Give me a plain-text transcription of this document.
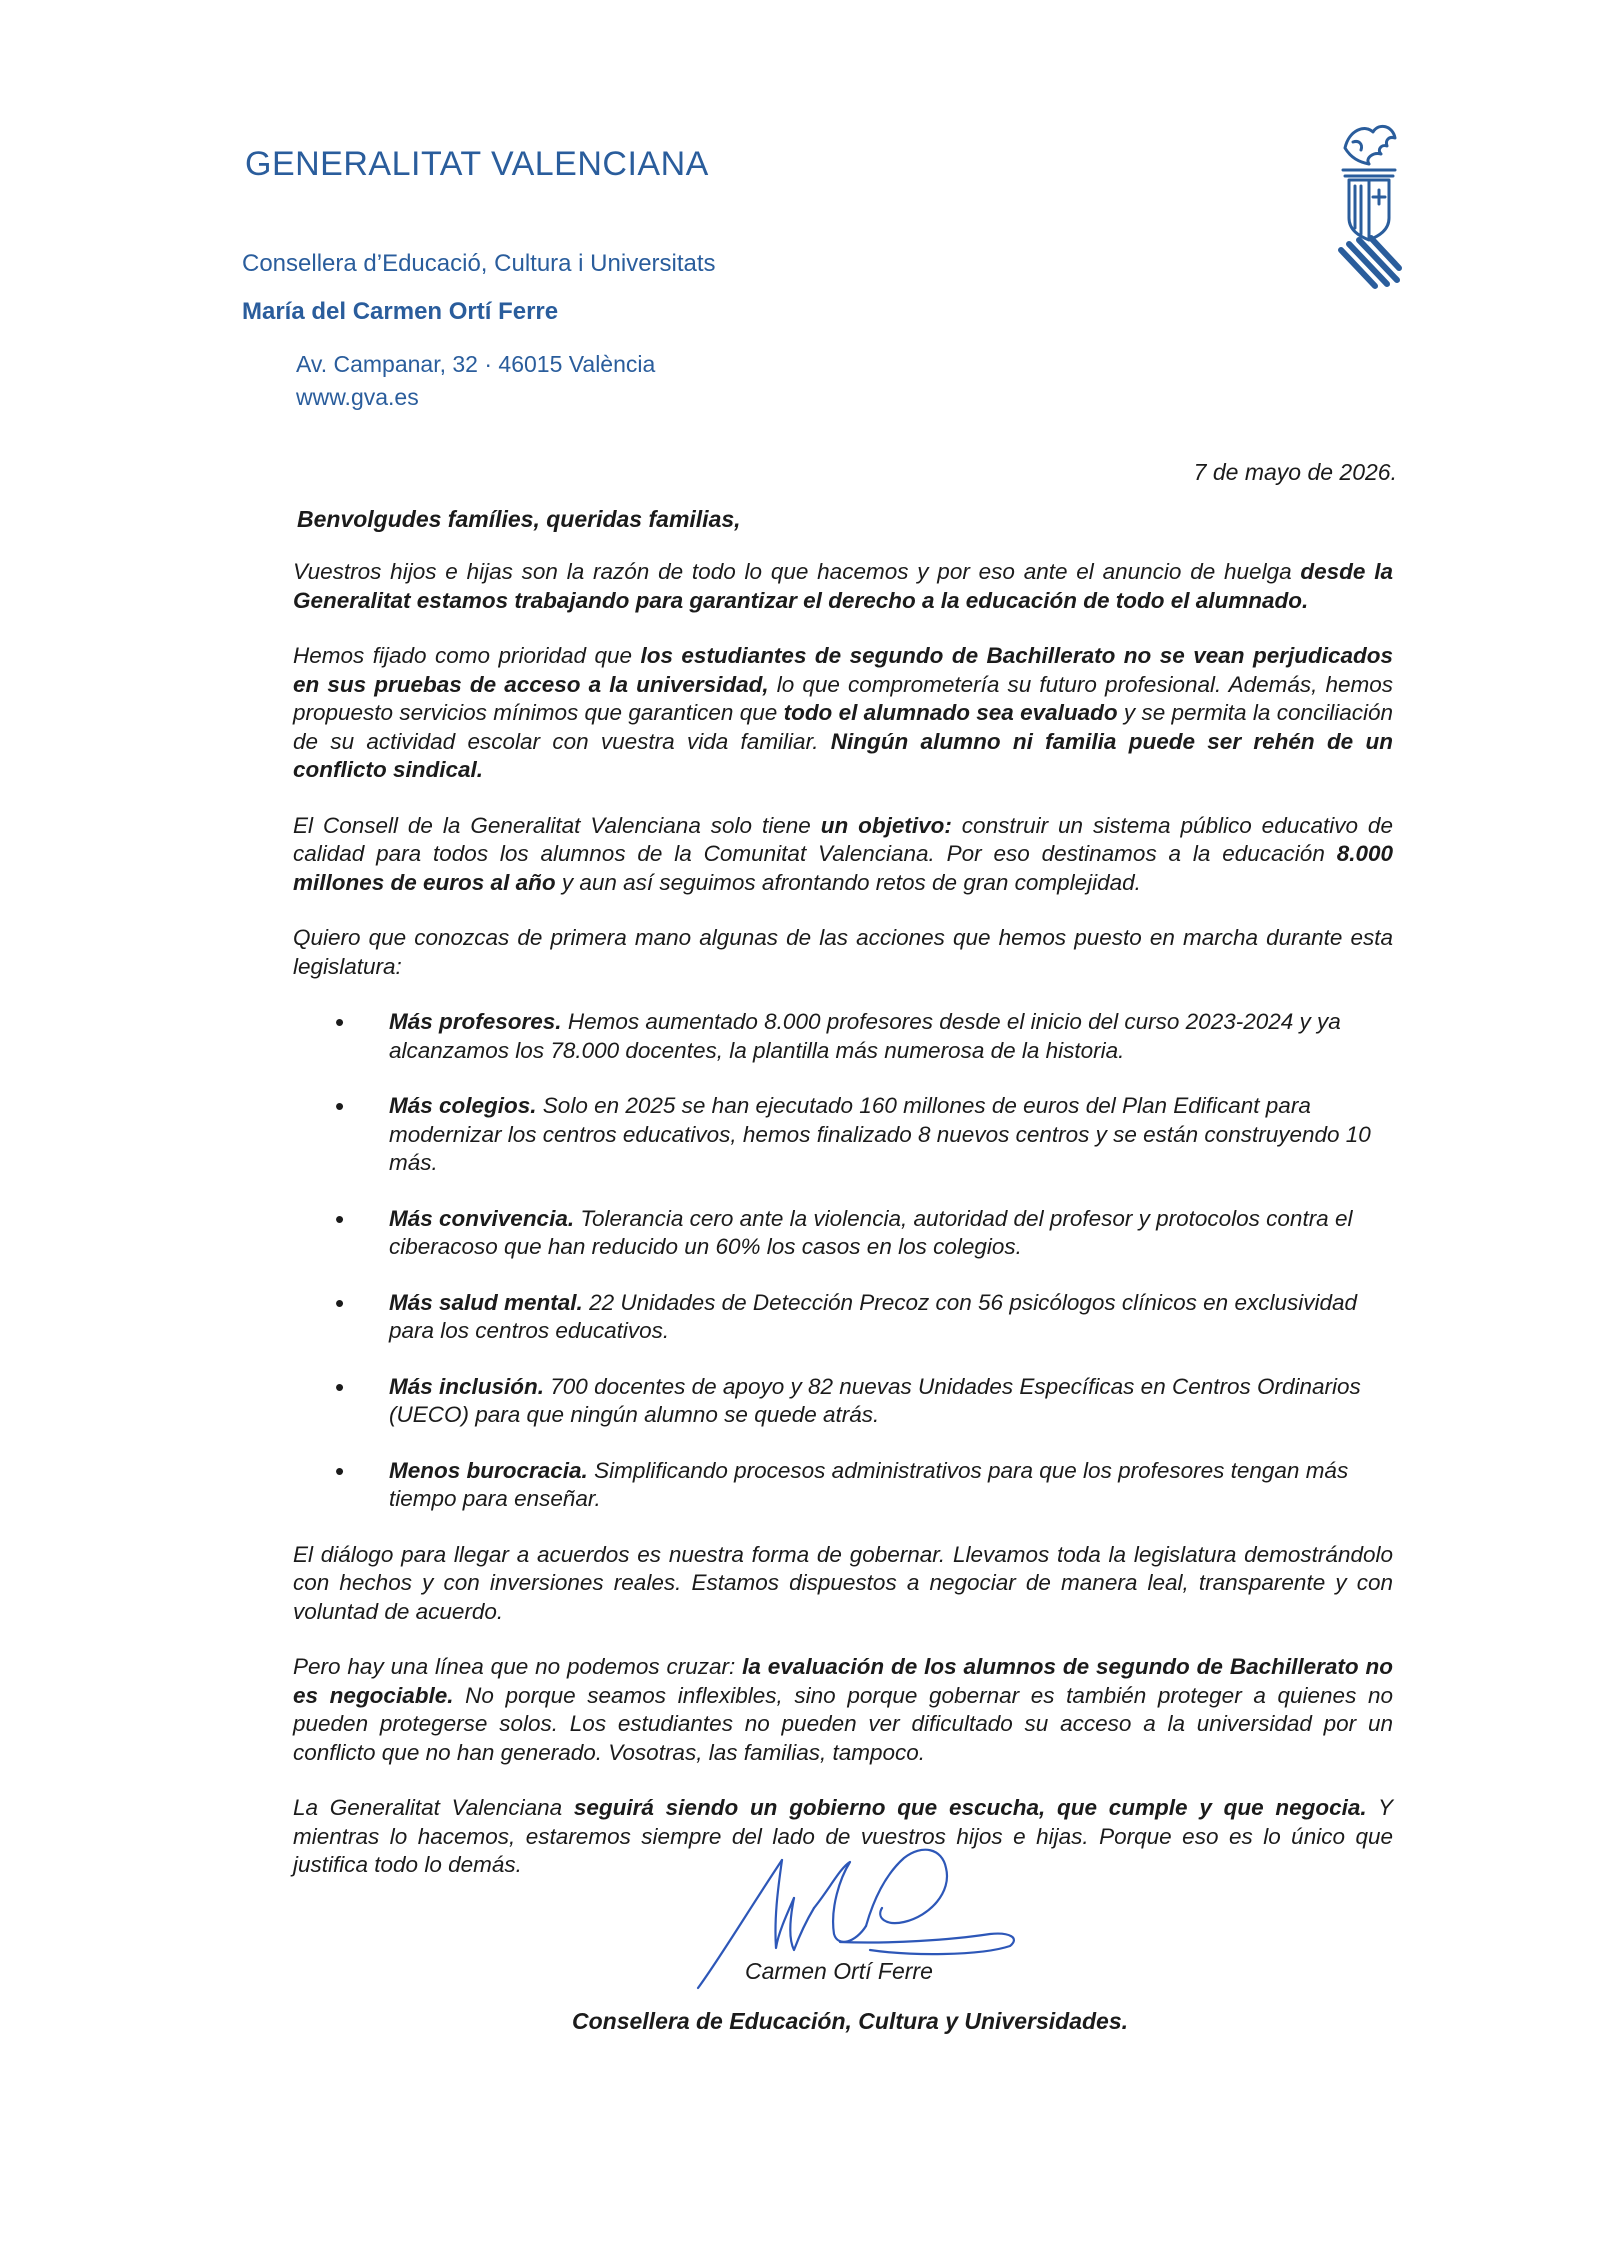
GENERALITAT VALENCIANA
Consellera d’Educació, Cultura i Universitats
María del Carmen Ortí Ferre
Av. Campanar, 32 · 46015 València
www.gva.es
7 de mayo de 2026.
Benvolgudes famílies, queridas familias,

Vuestros hijos e hijas son la razón de todo lo que hacemos y por eso ante el anuncio de huelga desde la Generalitat estamos trabajando para garantizar el derecho a la educación de todo el alumnado.

Hemos fijado como prioridad que los estudiantes de segundo de Bachillerato no se vean perjudicados en sus pruebas de acceso a la universidad, lo que comprometería su futuro profesional. Además, hemos propuesto servicios mínimos que garanticen que todo el alumnado sea evaluado y se permita la conciliación de su actividad escolar con vuestra vida familiar. Ningún alumno ni familia puede ser rehén de un conflicto sindical.

El Consell de la Generalitat Valenciana solo tiene un objetivo: construir un sistema público educativo de calidad para todos los alumnos de la Comunitat Valenciana. Por eso destinamos a la educación 8.000 millones de euros al año y aun así seguimos afrontando retos de gran complejidad.

Quiero que conozcas de primera mano algunas de las acciones que hemos puesto en marcha durante esta legislatura:

• Más profesores. Hemos aumentado 8.000 profesores desde el inicio del curso 2023-2024 y ya alcanzamos los 78.000 docentes, la plantilla más numerosa de la historia.
• Más colegios. Solo en 2025 se han ejecutado 160 millones de euros del Plan Edificant para modernizar los centros educativos, hemos finalizado 8 nuevos centros y se están construyendo 10 más.
• Más convivencia. Tolerancia cero ante la violencia, autoridad del profesor y protocolos contra el ciberacoso que han reducido un 60% los casos en los colegios.
• Más salud mental. 22 Unidades de Detección Precoz con 56 psicólogos clínicos en exclusividad para los centros educativos.
• Más inclusión. 700 docentes de apoyo y 82 nuevas Unidades Específicas en Centros Ordinarios (UECO) para que ningún alumno se quede atrás.
• Menos burocracia. Simplificando procesos administrativos para que los profesores tengan más tiempo para enseñar.

El diálogo para llegar a acuerdos es nuestra forma de gobernar. Llevamos toda la legislatura demostrándolo con hechos y con inversiones reales. Estamos dispuestos a negociar de manera leal, transparente y con voluntad de acuerdo.

Pero hay una línea que no podemos cruzar: la evaluación de los alumnos de segundo de Bachillerato no es negociable. No porque seamos inflexibles, sino porque gobernar es también proteger a quienes no pueden protegerse solos. Los estudiantes no pueden ver dificultado su acceso a la universidad por un conflicto que no han generado. Vosotras, las familias, tampoco.

La Generalitat Valenciana seguirá siendo un gobierno que escucha, que cumple y que negocia. Y mientras lo hacemos, estaremos siempre del lado de vuestros hijos e hijas. Porque eso es lo único que justifica todo lo demás.

Carmen Ortí Ferre
Consellera de Educación, Cultura y Universidades.
